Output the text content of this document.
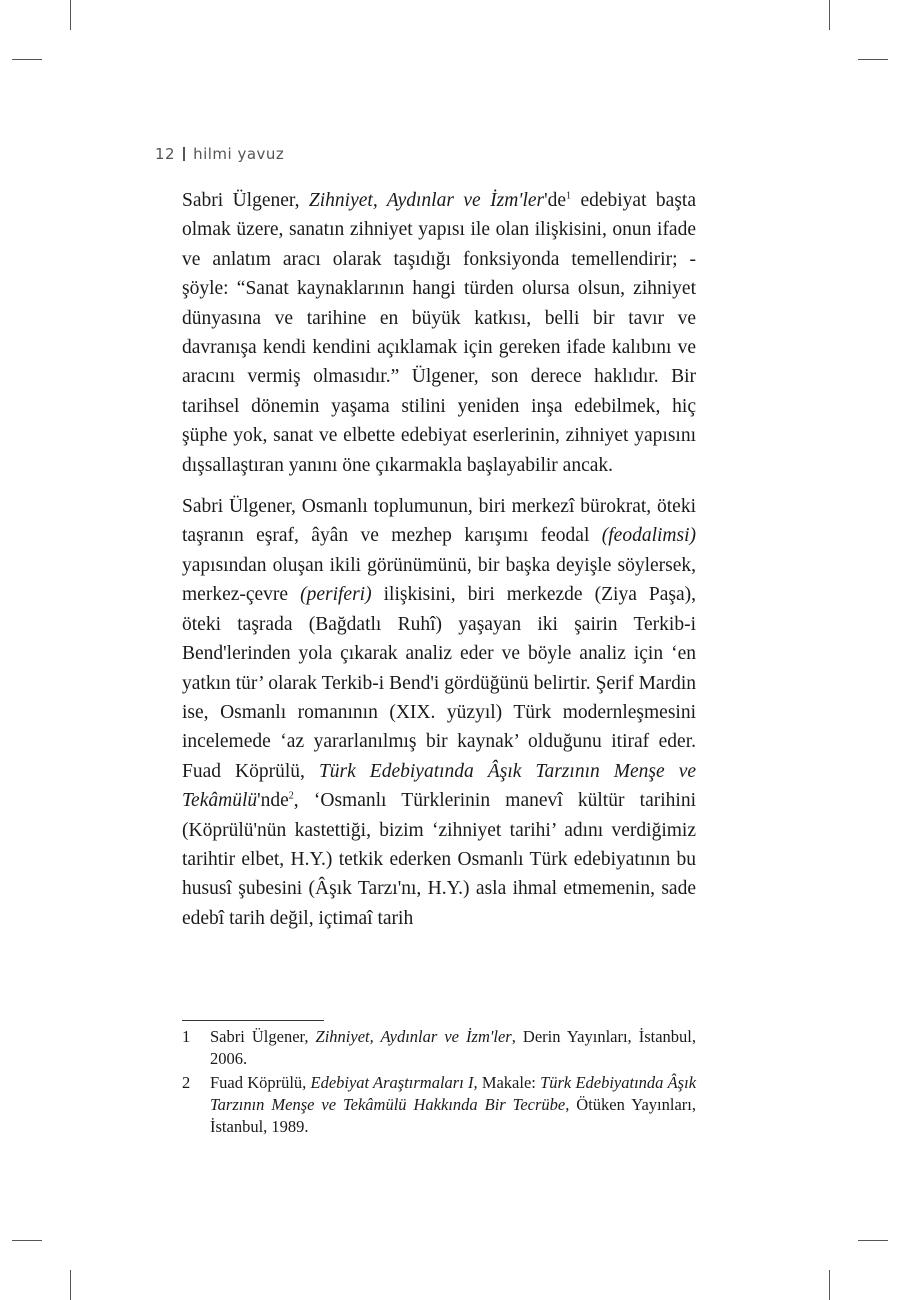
12 hilmi yavuz

Sabri Ülgener, Zihniyet, Aydınlar ve $İzm'ler'de^1$ edebiyat başta olmak üzere, sanatın zihniyet yapısı ile olan ilişkisini, onun ifade ve anlatım aracı olarak taşıdığı fonksiyonda temellendirir; - şöyle: “Sanat kaynaklarının hangi türden olursa olsun, zihniyet dünyasına ve tarihine en büyük katkısı, belli bir tavır ve davranışa kendi kendini açıklamak için gereken ifade kalıbını ve aracını vermiş olmasıdır.” Ülgener, son derece haklıdır. Bir tarihsel dönemin yaşama stilini yeniden inşa edebilmek, hiç şüphe yok, sanat ve elbette edebiyat eserlerinin, zihniyet yapısını dışsallaştıran yanını öne çıkarmakla başlayabilir ancak.

Sabri Ülgener, Osmanlı toplumunun, biri merkezî bürokrat, öteki taşranın eşraf, âyân ve mezhep karışımı feodal (feodalimsi) yapısından oluşan ikili görünümünü, bir başka deyişle söylersek, merkez-çevre (periferi) ilişkisini, biri merkezde (Ziya Paşa), öteki taşrada (Bağdatlı Ruhî) yaşayan iki şairin Terkib-i Bend'lerinden yola çıkarak analiz eder ve böyle analiz için ‘en yatkın tür’ olarak Terkib-i Bend'i gördüğünü belirtir. Şerif Mardin ise, Osmanlı romanının (XIX. yüzyıl) Türk modernleşmesini incelemede ‘az yararlanılmış bir kaynak’ olduğunu itiraf eder. Fuad Köprülü, Türk Edebiyatında Âşık Tarzının Menşe ve Tekâmülü'nde$^2$, ‘Osmanlı Türklerinin manevî kültür tarihini (Köprülü'nün kastettiği, bizim ‘zihniyet tarihi’ adını verdiğimiz tarihtir elbet, H.Y.) tetkik ederken Osmanlı Türk edebiyatının bu hususî şubesini (Âşık Tarzı'nı, H.Y.) asla ihmal etmemenin, sade edebî tarih değil, içtimaî tarih

1	Sabri Ülgener, Zihniyet, Aydınlar ve İzm'ler, Derin Yayınları, İstanbul, 2006.
2	Fuad Köprülü, Edebiyat Araştırmaları I, Makale: Türk Edebiyatında Âşık Tarzının Menşe ve Tekâmülü Hakkında Bir Tecrübe, Ötüken Yayınları, İstanbul, 1989.
